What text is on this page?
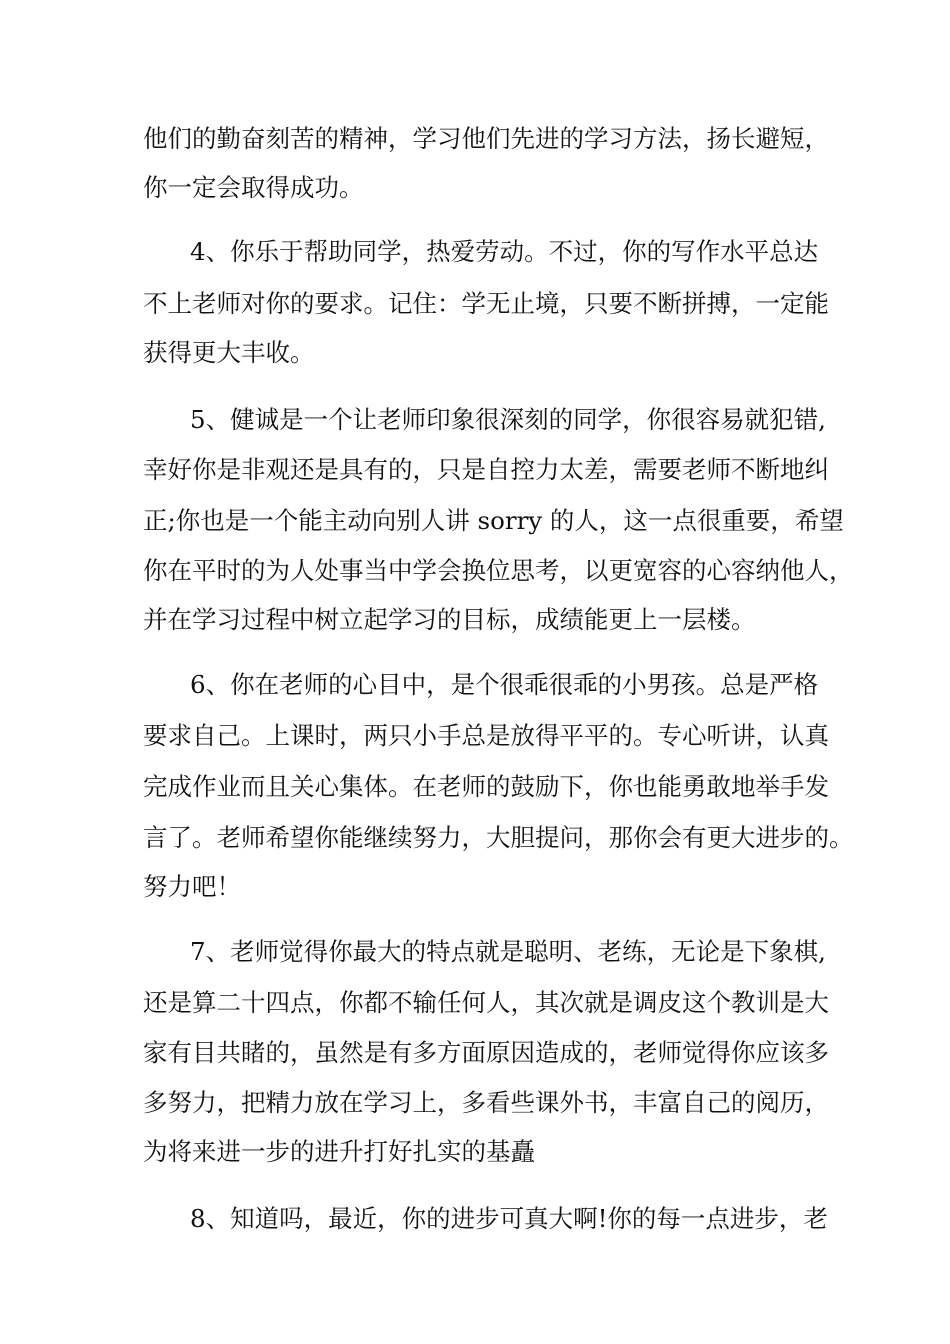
他们的勤奋刻苦的精神，学习他们先进的学习方法，扬长避短，
你一定会取得成功。
4、你乐于帮助同学，热爱劳动。不过，你的写作水平总达
不上老师对你的要求。记住：学无止境，只要不断拼搏，一定能
获得更大丰收。
5、健诚是一个让老师印象很深刻的同学，你很容易就犯错,
幸好你是非观还是具有的，只是自控力太差，需要老师不断地纠
正;你也是一个能主动向别人讲 sorry 的人，这一点很重要，希望
你在平时的为人处事当中学会换位思考，以更宽容的心容纳他人，
并在学习过程中树立起学习的目标，成绩能更上一层楼。
6、你在老师的心目中，是个很乖很乖的小男孩。总是严格
要求自己。上课时，两只小手总是放得平平的。专心听讲，认真
完成作业而且关心集体。在老师的鼓励下，你也能勇敢地举手发
言了。老师希望你能继续努力，大胆提问，那你会有更大进步的。
努力吧！
7、老师觉得你最大的特点就是聪明、老练，无论是下象棋,
还是算二十四点，你都不输任何人，其次就是调皮这个教训是大
家有目共睹的，虽然是有多方面原因造成的，老师觉得你应该多
多努力，把精力放在学习上，多看些课外书，丰富自己的阅历，
为将来进一步的进升打好扎实的基矗
8、知道吗，最近，你的进步可真大啊!你的每一点进步，老
